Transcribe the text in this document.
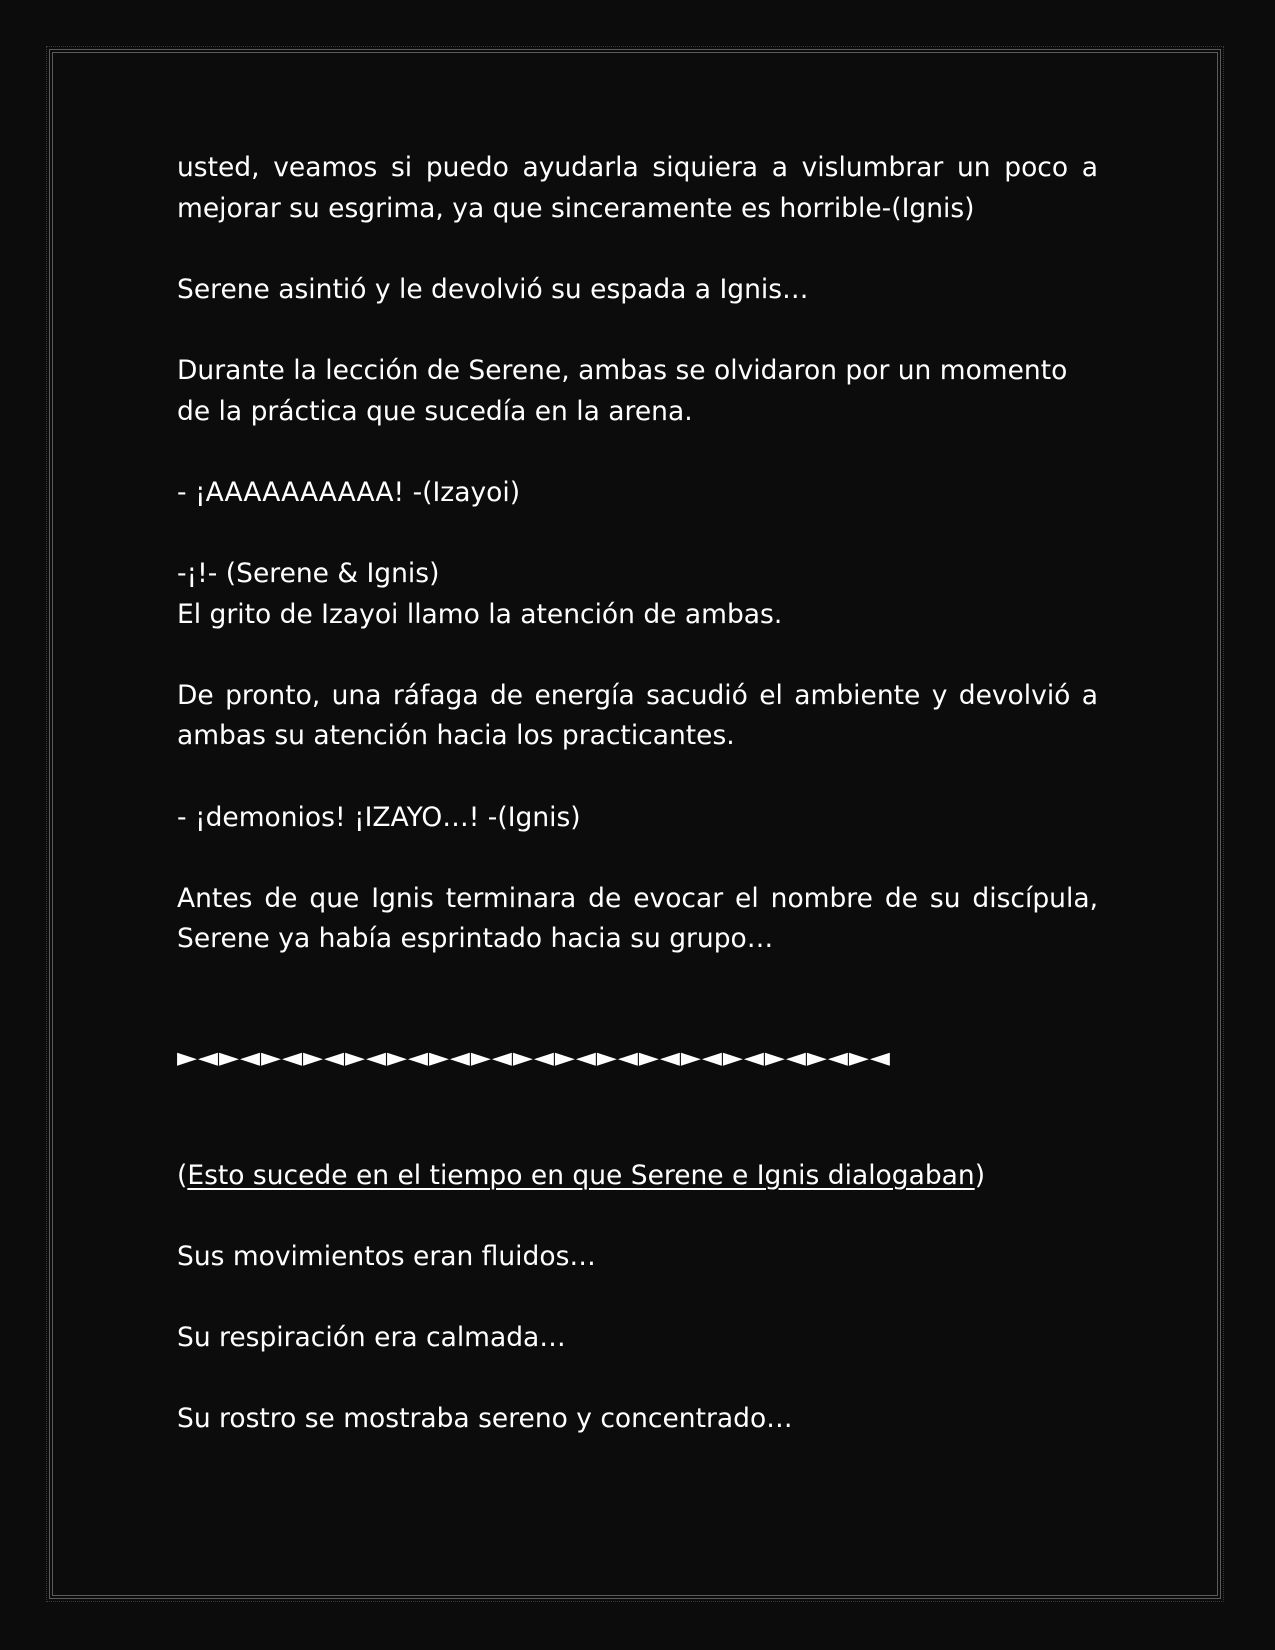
usted, veamos si puedo ayudarla siquiera a vislumbrar un poco a mejorar su esgrima, ya que sinceramente es horrible-(Ignis)

Serene asintió y le devolvió su espada a Ignis…

Durante la lección de Serene, ambas se olvidaron por un momento de la práctica que sucedía en la arena.

- ¡AAAAAAAAAA! -(Izayoi)

-¡!- (Serene & Ignis)

El grito de Izayoi llamo la atención de ambas.

De pronto, una ráfaga de energía sacudió el ambiente y devolvió a ambas su atención hacia los practicantes.

- ¡demonios! ¡IZAYO…! -(Ignis)

Antes de que Ignis terminara de evocar el nombre de su discípula, Serene ya había esprintado hacia su grupo…

►◄►◄►◄►◄►◄►◄►◄►◄►◄►◄►◄►◄►◄►◄►◄►◄►◄

(Esto sucede en el tiempo en que Serene e Ignis dialogaban)

Sus movimientos eran fluidos…

Su respiración era calmada…

Su rostro se mostraba sereno y concentrado…
